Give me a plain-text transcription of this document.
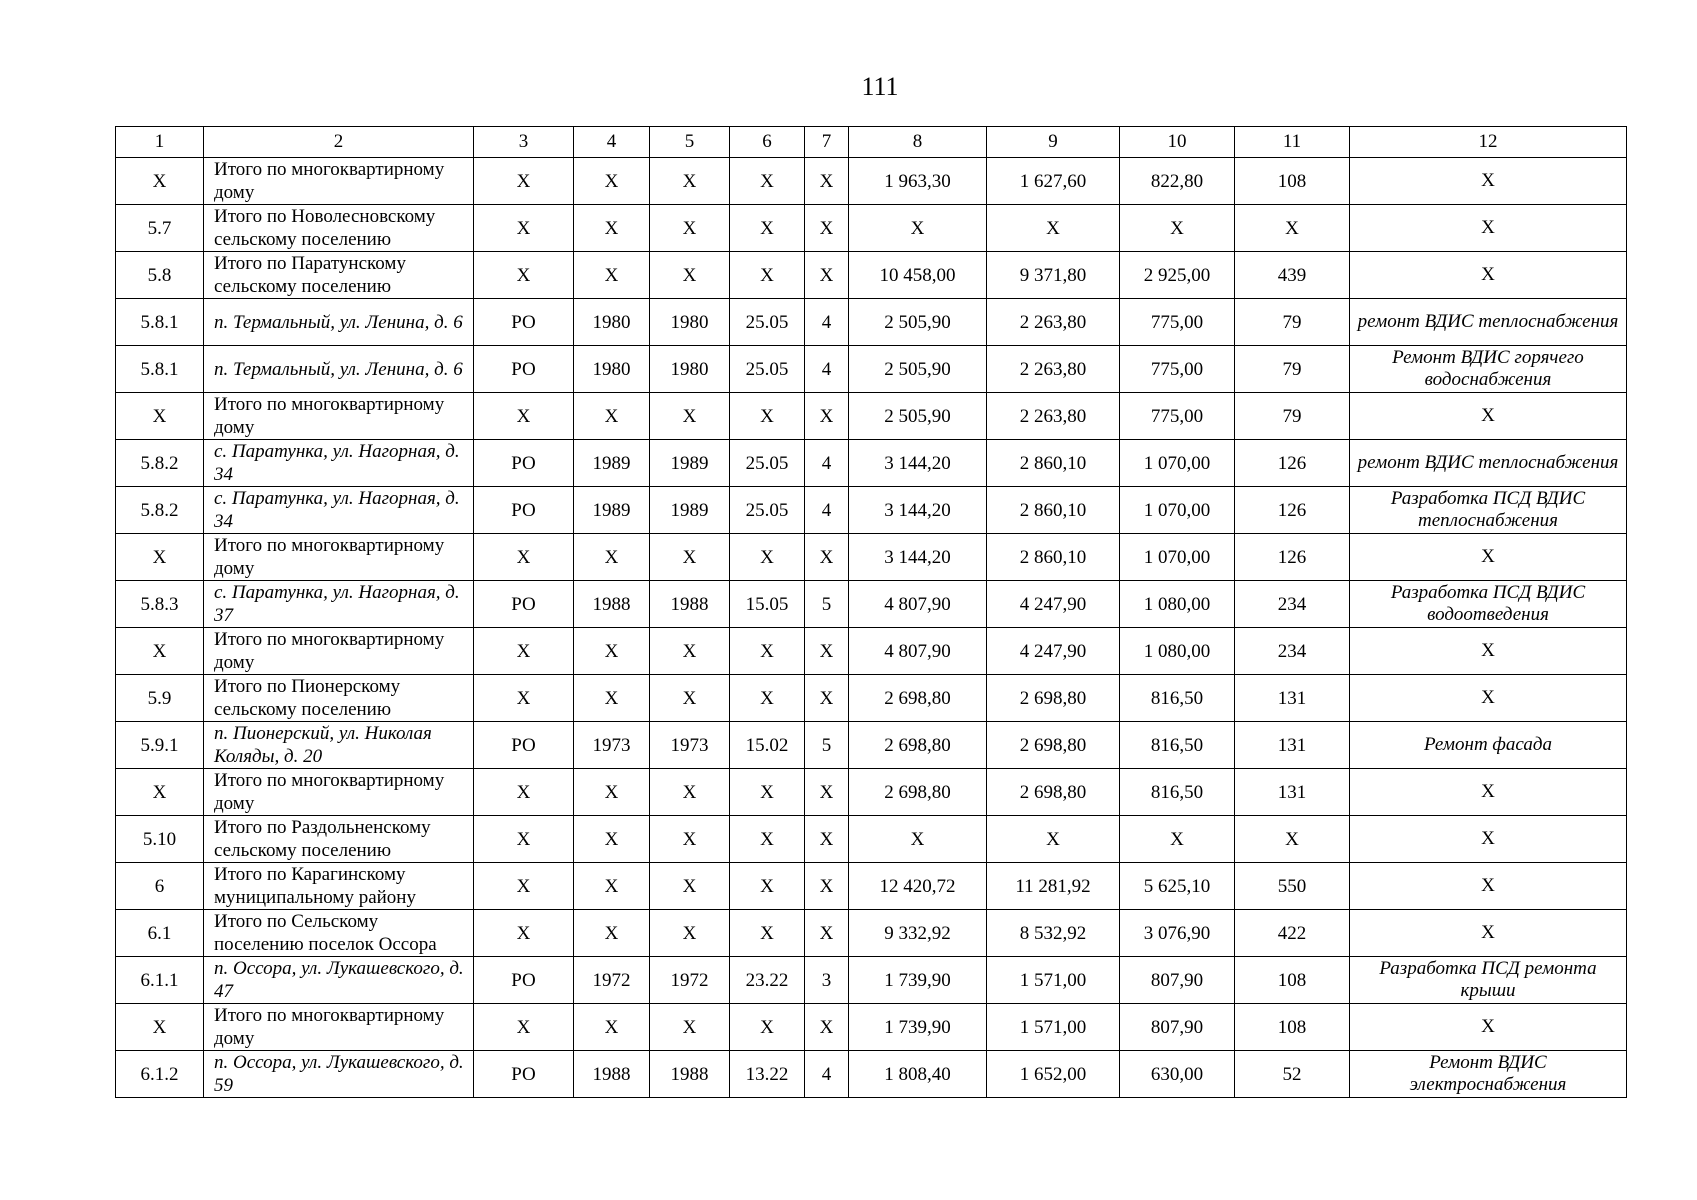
111
1	2	3	4	5	6	7	8	9	10	11	12
Х	Итого по многоквартирному дому	Х	Х	Х	Х	Х	1 963,30	1 627,60	822,80	108	Х
5.7	Итого по Новолесновскому сельскому поселению	Х	Х	Х	Х	Х	Х	Х	Х	Х	Х
5.8	Итого по Паратунскому сельскому поселению	Х	Х	Х	Х	Х	10 458,00	9 371,80	2 925,00	439	Х
5.8.1	п. Термальный, ул. Ленина, д. 6	РО	1980	1980	25.05	4	2 505,90	2 263,80	775,00	79	ремонт ВДИС теплоснабжения
5.8.1	п. Термальный, ул. Ленина, д. 6	РО	1980	1980	25.05	4	2 505,90	2 263,80	775,00	79	Ремонт ВДИС горячего водоснабжения
Х	Итого по многоквартирному дому	Х	Х	Х	Х	Х	2 505,90	2 263,80	775,00	79	Х
5.8.2	с. Паратунка, ул. Нагорная, д. 34	РО	1989	1989	25.05	4	3 144,20	2 860,10	1 070,00	126	ремонт ВДИС теплоснабжения
5.8.2	с. Паратунка, ул. Нагорная, д. 34	РО	1989	1989	25.05	4	3 144,20	2 860,10	1 070,00	126	Разработка ПСД ВДИС теплоснабжения
Х	Итого по многоквартирному дому	Х	Х	Х	Х	Х	3 144,20	2 860,10	1 070,00	126	Х
5.8.3	с. Паратунка, ул. Нагорная, д. 37	РО	1988	1988	15.05	5	4 807,90	4 247,90	1 080,00	234	Разработка ПСД ВДИС водоотведения
Х	Итого по многоквартирному дому	Х	Х	Х	Х	Х	4 807,90	4 247,90	1 080,00	234	Х
5.9	Итого по Пионерскому сельскому поселению	Х	Х	Х	Х	Х	2 698,80	2 698,80	816,50	131	Х
5.9.1	п. Пионерский, ул. Николая Коляды, д. 20	РО	1973	1973	15.02	5	2 698,80	2 698,80	816,50	131	Ремонт фасада
Х	Итого по многоквартирному дому	Х	Х	Х	Х	Х	2 698,80	2 698,80	816,50	131	Х
5.10	Итого по Раздольненскому сельскому поселению	Х	Х	Х	Х	Х	Х	Х	Х	Х	Х
6	Итого по Карагинскому муниципальному району	Х	Х	Х	Х	Х	12 420,72	11 281,92	5 625,10	550	Х
6.1	Итого по Сельскому поселению поселок Оссора	Х	Х	Х	Х	Х	9 332,92	8 532,92	3 076,90	422	Х
6.1.1	п. Оссора, ул. Лукашевского, д. 47	РО	1972	1972	23.22	3	1 739,90	1 571,00	807,90	108	Разработка ПСД ремонта крыши
Х	Итого по многоквартирному дому	Х	Х	Х	Х	Х	1 739,90	1 571,00	807,90	108	Х
6.1.2	п. Оссора, ул. Лукашевского, д. 59	РО	1988	1988	13.22	4	1 808,40	1 652,00	630,00	52	Ремонт ВДИС электроснабжения
